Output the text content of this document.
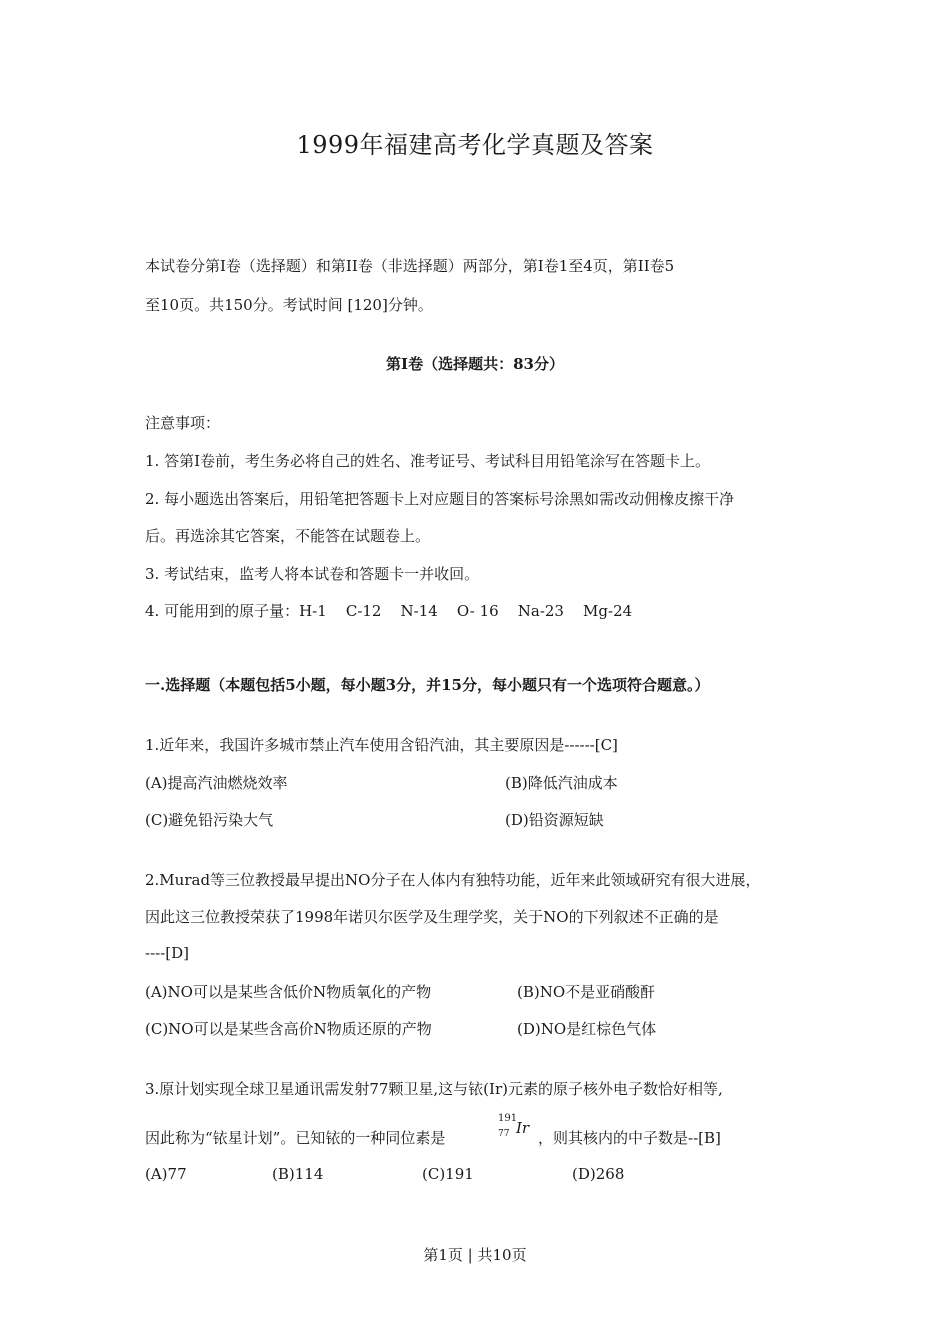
1999年福建高考化学真题及答案
本试卷分第Ⅰ卷（选择题）和第II卷（非选择题）两部分，第Ⅰ卷1至4页，第II卷5
至10页。共150分。考试时间 [120]分钟。
第Ⅰ卷（选择题共：83分）
注意事项：
1. 答第Ⅰ卷前，考生务必将自己的姓名、准考证号、考试科目用铅笔涂写在答题卡上。
2. 每小题选出答案后，用铅笔把答题卡上对应题目的答案标号涂黑如需改动佣橡皮擦干净
后。再选涂其它答案，不能答在试题卷上。
3. 考试结束，监考人将本试卷和答题卡一并收回。
4. 可能用到的原子量：H-1    C-12    N-14    O- 16    Na-23    Mg-24
一.选择题（本题包括5小题，每小题3分，并15分，每小题只有一个选项符合题意。）
1.近年来，我国许多城市禁止汽车使用含铅汽油，其主要原因是------[C]
(A)提高汽油燃烧效率	(B)降低汽油成本
(C)避免铅污染大气	(D)铅资源短缺
2.Murad等三位教授最早提出NO分子在人体内有独特功能，近年来此领域研究有很大进展，
因此这三位教授荣获了1998年诺贝尔医学及生理学奖，关于NO的下列叙述不正确的是
----[D]
(A)NO可以是某些含低价N物质氧化的产物	(B)NO不是亚硝酸酐
(C)NO可以是某些含高价N物质还原的产物	(D)NO是红棕色气体
3.原计划实现全球卫星通讯需发射77颗卫星,这与铱(Ir)元素的原子核外电子数恰好相等,
因此称为“铱星计划”。已知铱的一种同位素是
191
77 Ir
，则其核内的中子数是--[B]
(A)77	(B)114	(C)191	(D)268
第1页 | 共10页
